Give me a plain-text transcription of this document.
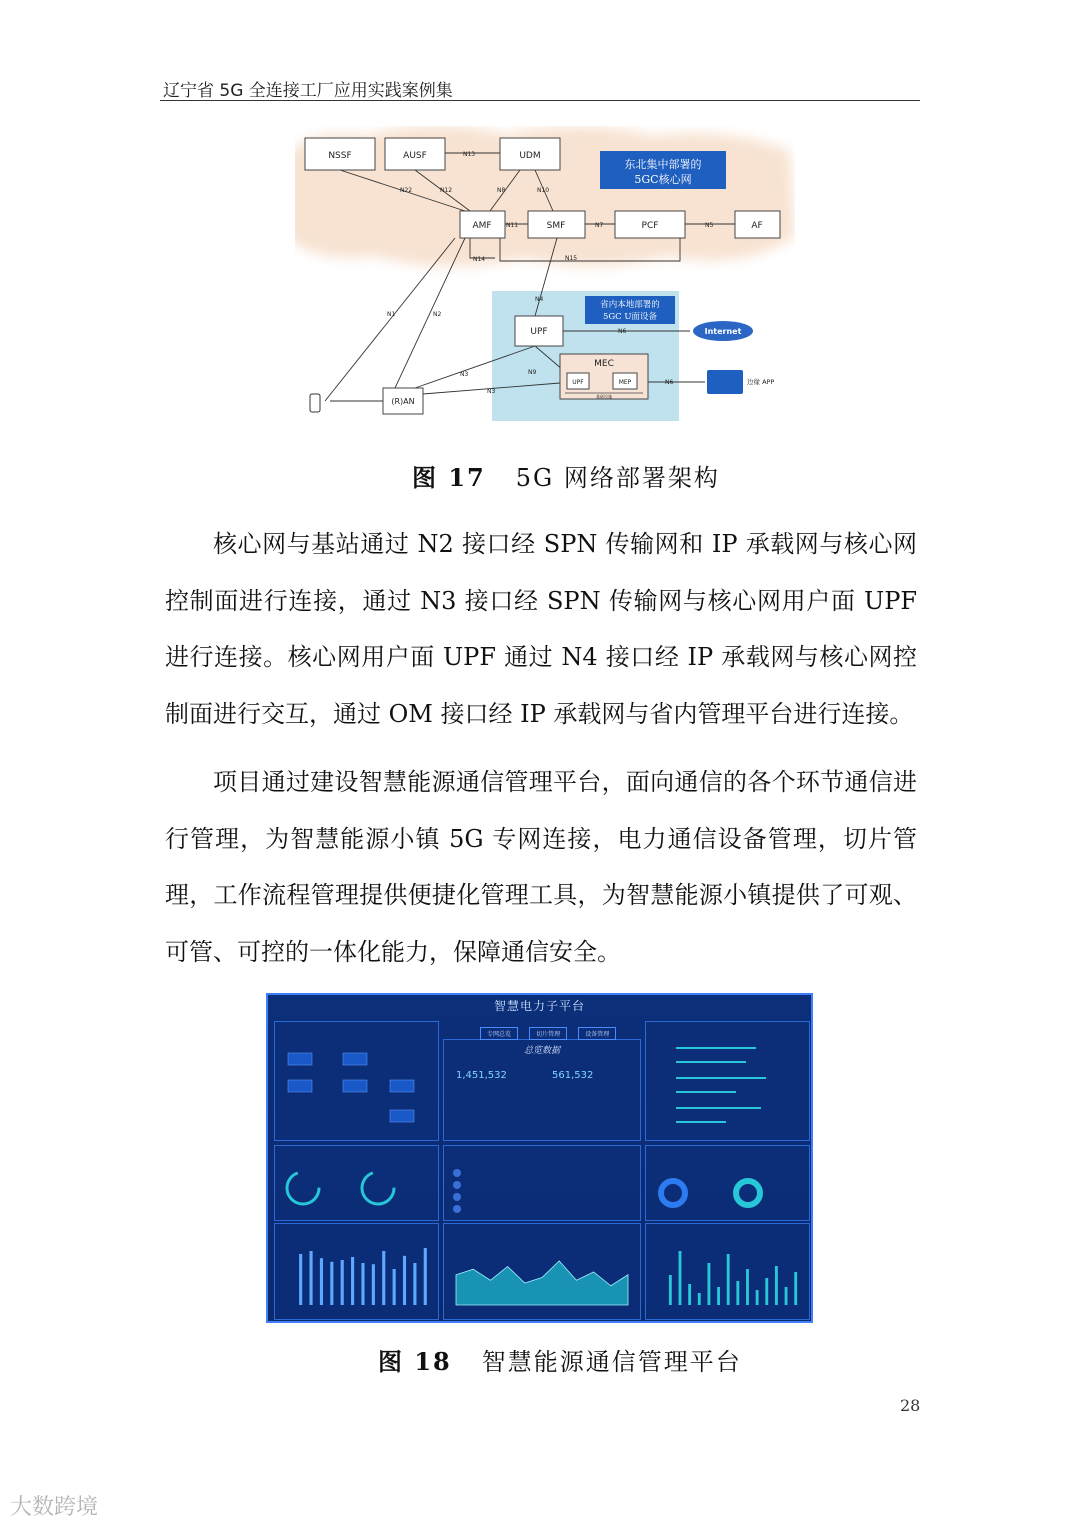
辽宁省 5G 全连接工厂应用实践案例集
东北集中部署的
5GC核心网
省内本地部署的
5GC U面设备
N13
N22	N12	N8	N10
N11	N7	N5
N14	N15
N4
N6
N1	N2
N3	N9
N3
N6
NSSF	AUSF	UDM
AMF	SMF	PCF	AF
UPF
MEC
UPF	MEP
基础设施
(R)AN
Internet
边缘 APP
图 17 5G 网络部署架构

核心网与基站通过 N2 接口经 SPN 传输网和 IP 承载网与核心网控制面进行连接，通过 N3 接口经 SPN 传输网与核心网用户面 UPF 进行连接。核心网用户面 UPF 通过 N4 接口经 IP 承载网与核心网控制面进行交互，通过 OM 接口经 IP 承载网与省内管理平台进行连接。

项目通过建设智慧能源通信管理平台，面向通信的各个环节通信进行管理，为智慧能源小镇 5G 专网连接，电力通信设备管理，切片管理，工作流程管理提供便捷化管理工具，为智慧能源小镇提供了可观、可管、可控的一体化能力，保障通信安全。

智慧电力子平台
总览数据
1,451,532	561,532
专网总览	切片管理	设备管理
图 18 智慧能源通信管理平台
28
大数跨境
